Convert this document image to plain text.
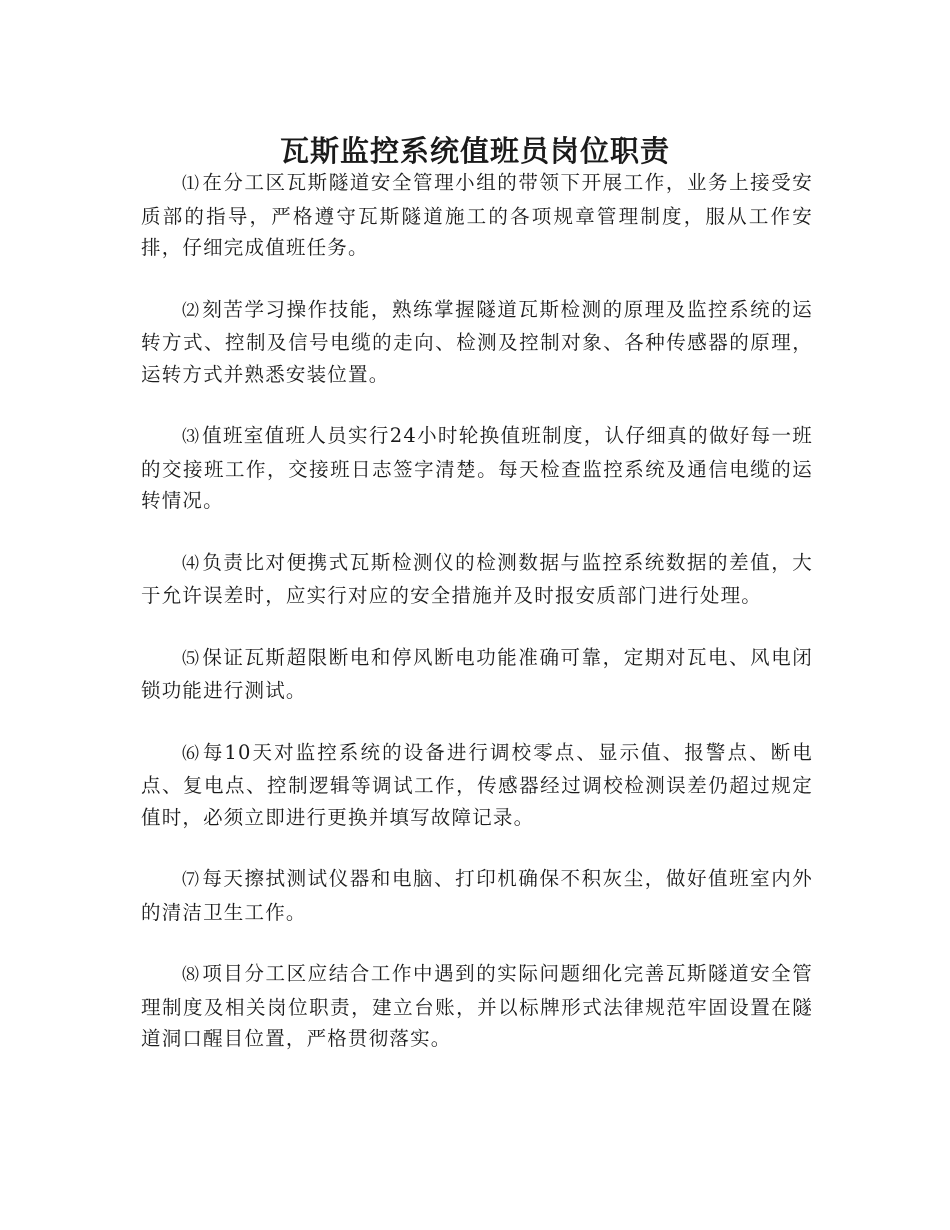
瓦斯监控系统值班员岗位职责

⑴ 在分工区瓦斯隧道安全管理小组的带领下开展工作，业务上接受安质部的指导，严格遵守瓦斯隧道施工的各项规章管理制度，服从工作安排，仔细完成值班任务。

⑵ 刻苦学习操作技能，熟练掌握隧道瓦斯检测的原理及监控系统的运转方式、控制及信号电缆的走向、检测及控制对象、各种传感器的原理，运转方式并熟悉安装位置。

⑶ 值班室值班人员实行24小时轮换值班制度，认仔细真的做好每一班的交接班工作，交接班日志签字清楚。每天检查监控系统及通信电缆的运转情况。

⑷ 负责比对便携式瓦斯检测仪的检测数据与监控系统数据的差值，大于允许误差时，应实行对应的安全措施并及时报安质部门进行处理。

⑸ 保证瓦斯超限断电和停风断电功能准确可靠，定期对瓦电、风电闭锁功能进行测试。

⑹ 每10天对监控系统的设备进行调校零点、显示值、报警点、断电点、复电点、控制逻辑等调试工作，传感器经过调校检测误差仍超过规定值时，必须立即进行更换并填写故障记录。

⑺ 每天擦拭测试仪器和电脑、打印机确保不积灰尘，做好值班室内外的清洁卫生工作。

⑻ 项目分工区应结合工作中遇到的实际问题细化完善瓦斯隧道安全管理制度及相关岗位职责，建立台账，并以标牌形式法律规范牢固设置在隧道洞口醒目位置，严格贯彻落实。
